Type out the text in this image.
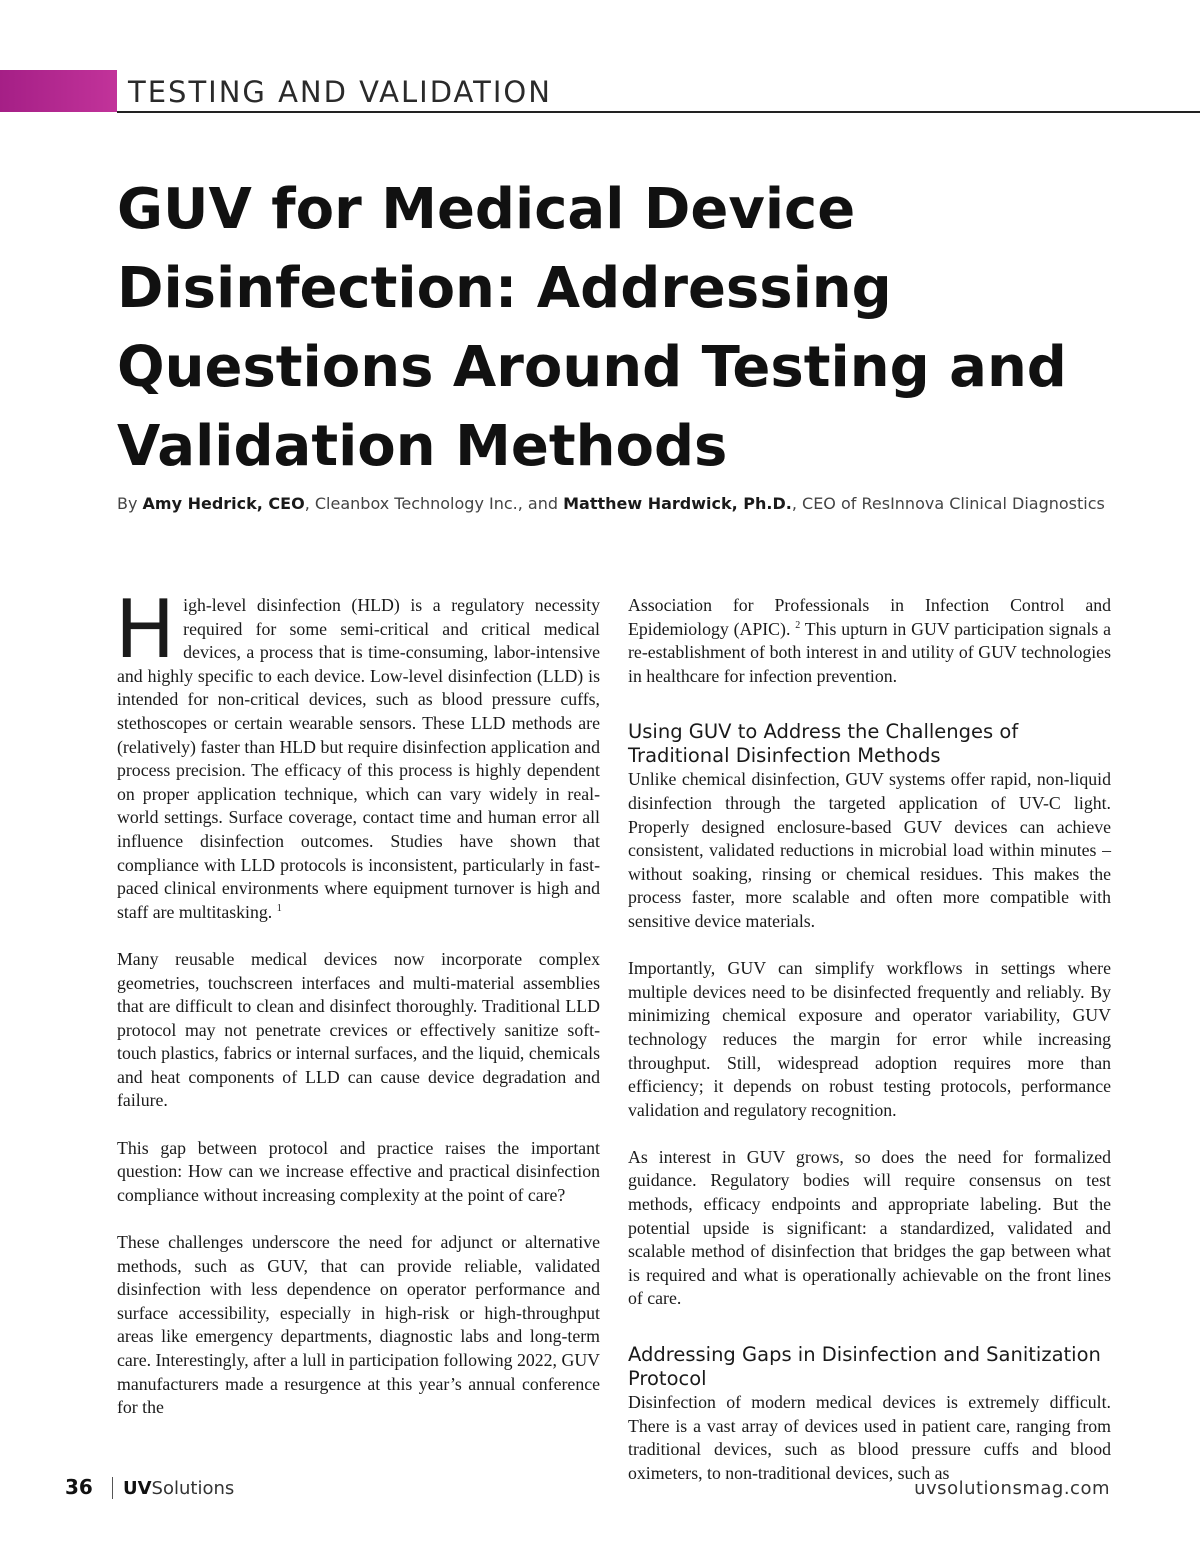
TESTING AND VALIDATION
GUV for Medical Device Disinfection: Addressing Questions Around Testing and Validation Methods

By Amy Hedrick, CEO, Cleanbox Technology Inc., and Matthew Hardwick, Ph.D., CEO of ResInnova Clinical Diagnostics

High-level disinfection (HLD) is a regulatory necessity required for some semi-critical and critical medical devices, a process that is time-consuming, labor-intensive and highly specific to each device. Low-level disinfection (LLD) is intended for non-critical devices, such as blood pressure cuffs, stethoscopes or certain wearable sensors. These LLD methods are (relatively) faster than HLD but require disinfection application and process precision. The efficacy of this process is highly dependent on proper application technique, which can vary widely in real-world settings. Surface coverage, contact time and human error all influence disinfection outcomes. Studies have shown that compliance with LLD protocols is inconsistent, particularly in fast-paced clinical environments where equipment turnover is high and staff are multitasking. $^1$

Many reusable medical devices now incorporate complex geometries, touchscreen interfaces and multi-material assemblies that are difficult to clean and disinfect thoroughly. Traditional LLD protocol may not penetrate crevices or effectively sanitize soft-touch plastics, fabrics or internal surfaces, and the liquid, chemicals and heat components of LLD can cause device degradation and failure.

This gap between protocol and practice raises the important question: How can we increase effective and practical disinfection compliance without increasing complexity at the point of care?

These challenges underscore the need for adjunct or alternative methods, such as GUV, that can provide reliable, validated disinfection with less dependence on operator performance and surface accessibility, especially in high-risk or high-throughput areas like emergency departments, diagnostic labs and long-term care. Interestingly, after a lull in participation following 2022, GUV manufacturers made a resurgence at this year’s annual conference for the

Association for Professionals in Infection Control and Epidemiology (APIC). $^2$ This upturn in GUV participation signals a re-establishment of both interest in and utility of GUV technologies in healthcare for infection prevention.

Using GUV to Address the Challenges of Traditional Disinfection Methods

Unlike chemical disinfection, GUV systems offer rapid, non-liquid disinfection through the targeted application of UV-C light. Properly designed enclosure-based GUV devices can achieve consistent, validated reductions in microbial load within minutes – without soaking, rinsing or chemical residues. This makes the process faster, more scalable and often more compatible with sensitive device materials.

Importantly, GUV can simplify workflows in settings where multiple devices need to be disinfected frequently and reliably. By minimizing chemical exposure and operator variability, GUV technology reduces the margin for error while increasing throughput. Still, widespread adoption requires more than efficiency; it depends on robust testing protocols, performance validation and regulatory recognition.

As interest in GUV grows, so does the need for formalized guidance. Regulatory bodies will require consensus on test methods, efficacy endpoints and appropriate labeling. But the potential upside is significant: a standardized, validated and scalable method of disinfection that bridges the gap between what is required and what is operationally achievable on the front lines of care.

Addressing Gaps in Disinfection and Sanitization Protocol

Disinfection of modern medical devices is extremely difficult. There is a vast array of devices used in patient care, ranging from traditional devices, such as blood pressure cuffs and blood oximeters, to non-traditional devices, such as

36 UVSolutions	uvsolutionsmag.com
